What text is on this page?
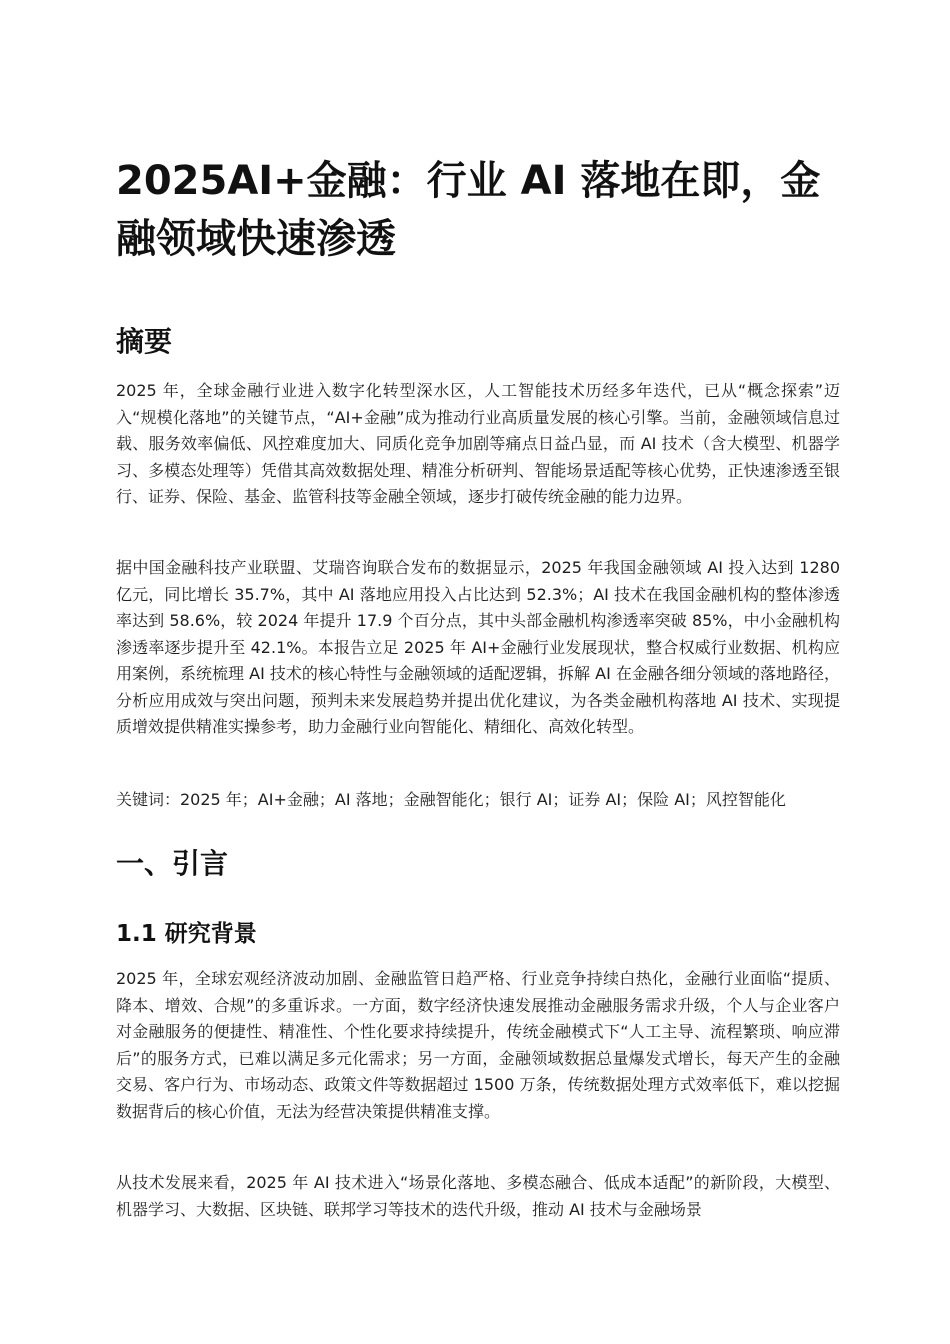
2025AI+金融：行业 AI 落地在即，金融领域快速渗透
摘要

2025 年，全球金融行业进入数字化转型深水区，人工智能技术历经多年迭代，已从“概念探索”迈入“规模化落地”的关键节点，“AI+金融”成为推动行业高质量发展的核心引擎。当前，金融领域信息过载、服务效率偏低、风控难度加大、同质化竞争加剧等痛点日益凸显，而 AI 技术（含大模型、机器学习、多模态处理等）凭借其高效数据处理、精准分析研判、智能场景适配等核心优势，正快速渗透至银行、证券、保险、基金、监管科技等金融全领域，逐步打破传统金融的能力边界。

据中国金融科技产业联盟、艾瑞咨询联合发布的数据显示，2025 年我国金融领域 AI 投入达到 1280 亿元，同比增长 35.7%，其中 AI 落地应用投入占比达到 52.3%；AI 技术在我国金融机构的整体渗透率达到 58.6%，较 2024 年提升 17.9 个百分点，其中头部金融机构渗透率突破 85%，中小金融机构渗透率逐步提升至 42.1%。本报告立足 2025 年 AI+金融行业发展现状，整合权威行业数据、机构应用案例，系统梳理 AI 技术的核心特性与金融领域的适配逻辑，拆解 AI 在金融各细分领域的落地路径，分析应用成效与突出问题，预判未来发展趋势并提出优化建议，为各类金融机构落地 AI 技术、实现提质增效提供精准实操参考，助力金融行业向智能化、精细化、高效化转型。

关键词：2025 年；AI+金融；AI 落地；金融智能化；银行 AI；证券 AI；保险 AI；风控智能化

一、引言
1.1 研究背景

2025 年，全球宏观经济波动加剧、金融监管日趋严格、行业竞争持续白热化，金融行业面临“提质、降本、增效、合规”的多重诉求。一方面，数字经济快速发展推动金融服务需求升级，个人与企业客户对金融服务的便捷性、精准性、个性化要求持续提升，传统金融模式下“人工主导、流程繁琐、响应滞后”的服务方式，已难以满足多元化需求；另一方面，金融领域数据总量爆发式增长，每天产生的金融交易、客户行为、市场动态、政策文件等数据超过 1500 万条，传统数据处理方式效率低下，难以挖掘数据背后的核心价值，无法为经营决策提供精准支撑。

从技术发展来看，2025 年 AI 技术进入“场景化落地、多模态融合、低成本适配”的新阶段，大模型、机器学习、大数据、区块链、联邦学习等技术的迭代升级，推动 AI 技术与金融场景
